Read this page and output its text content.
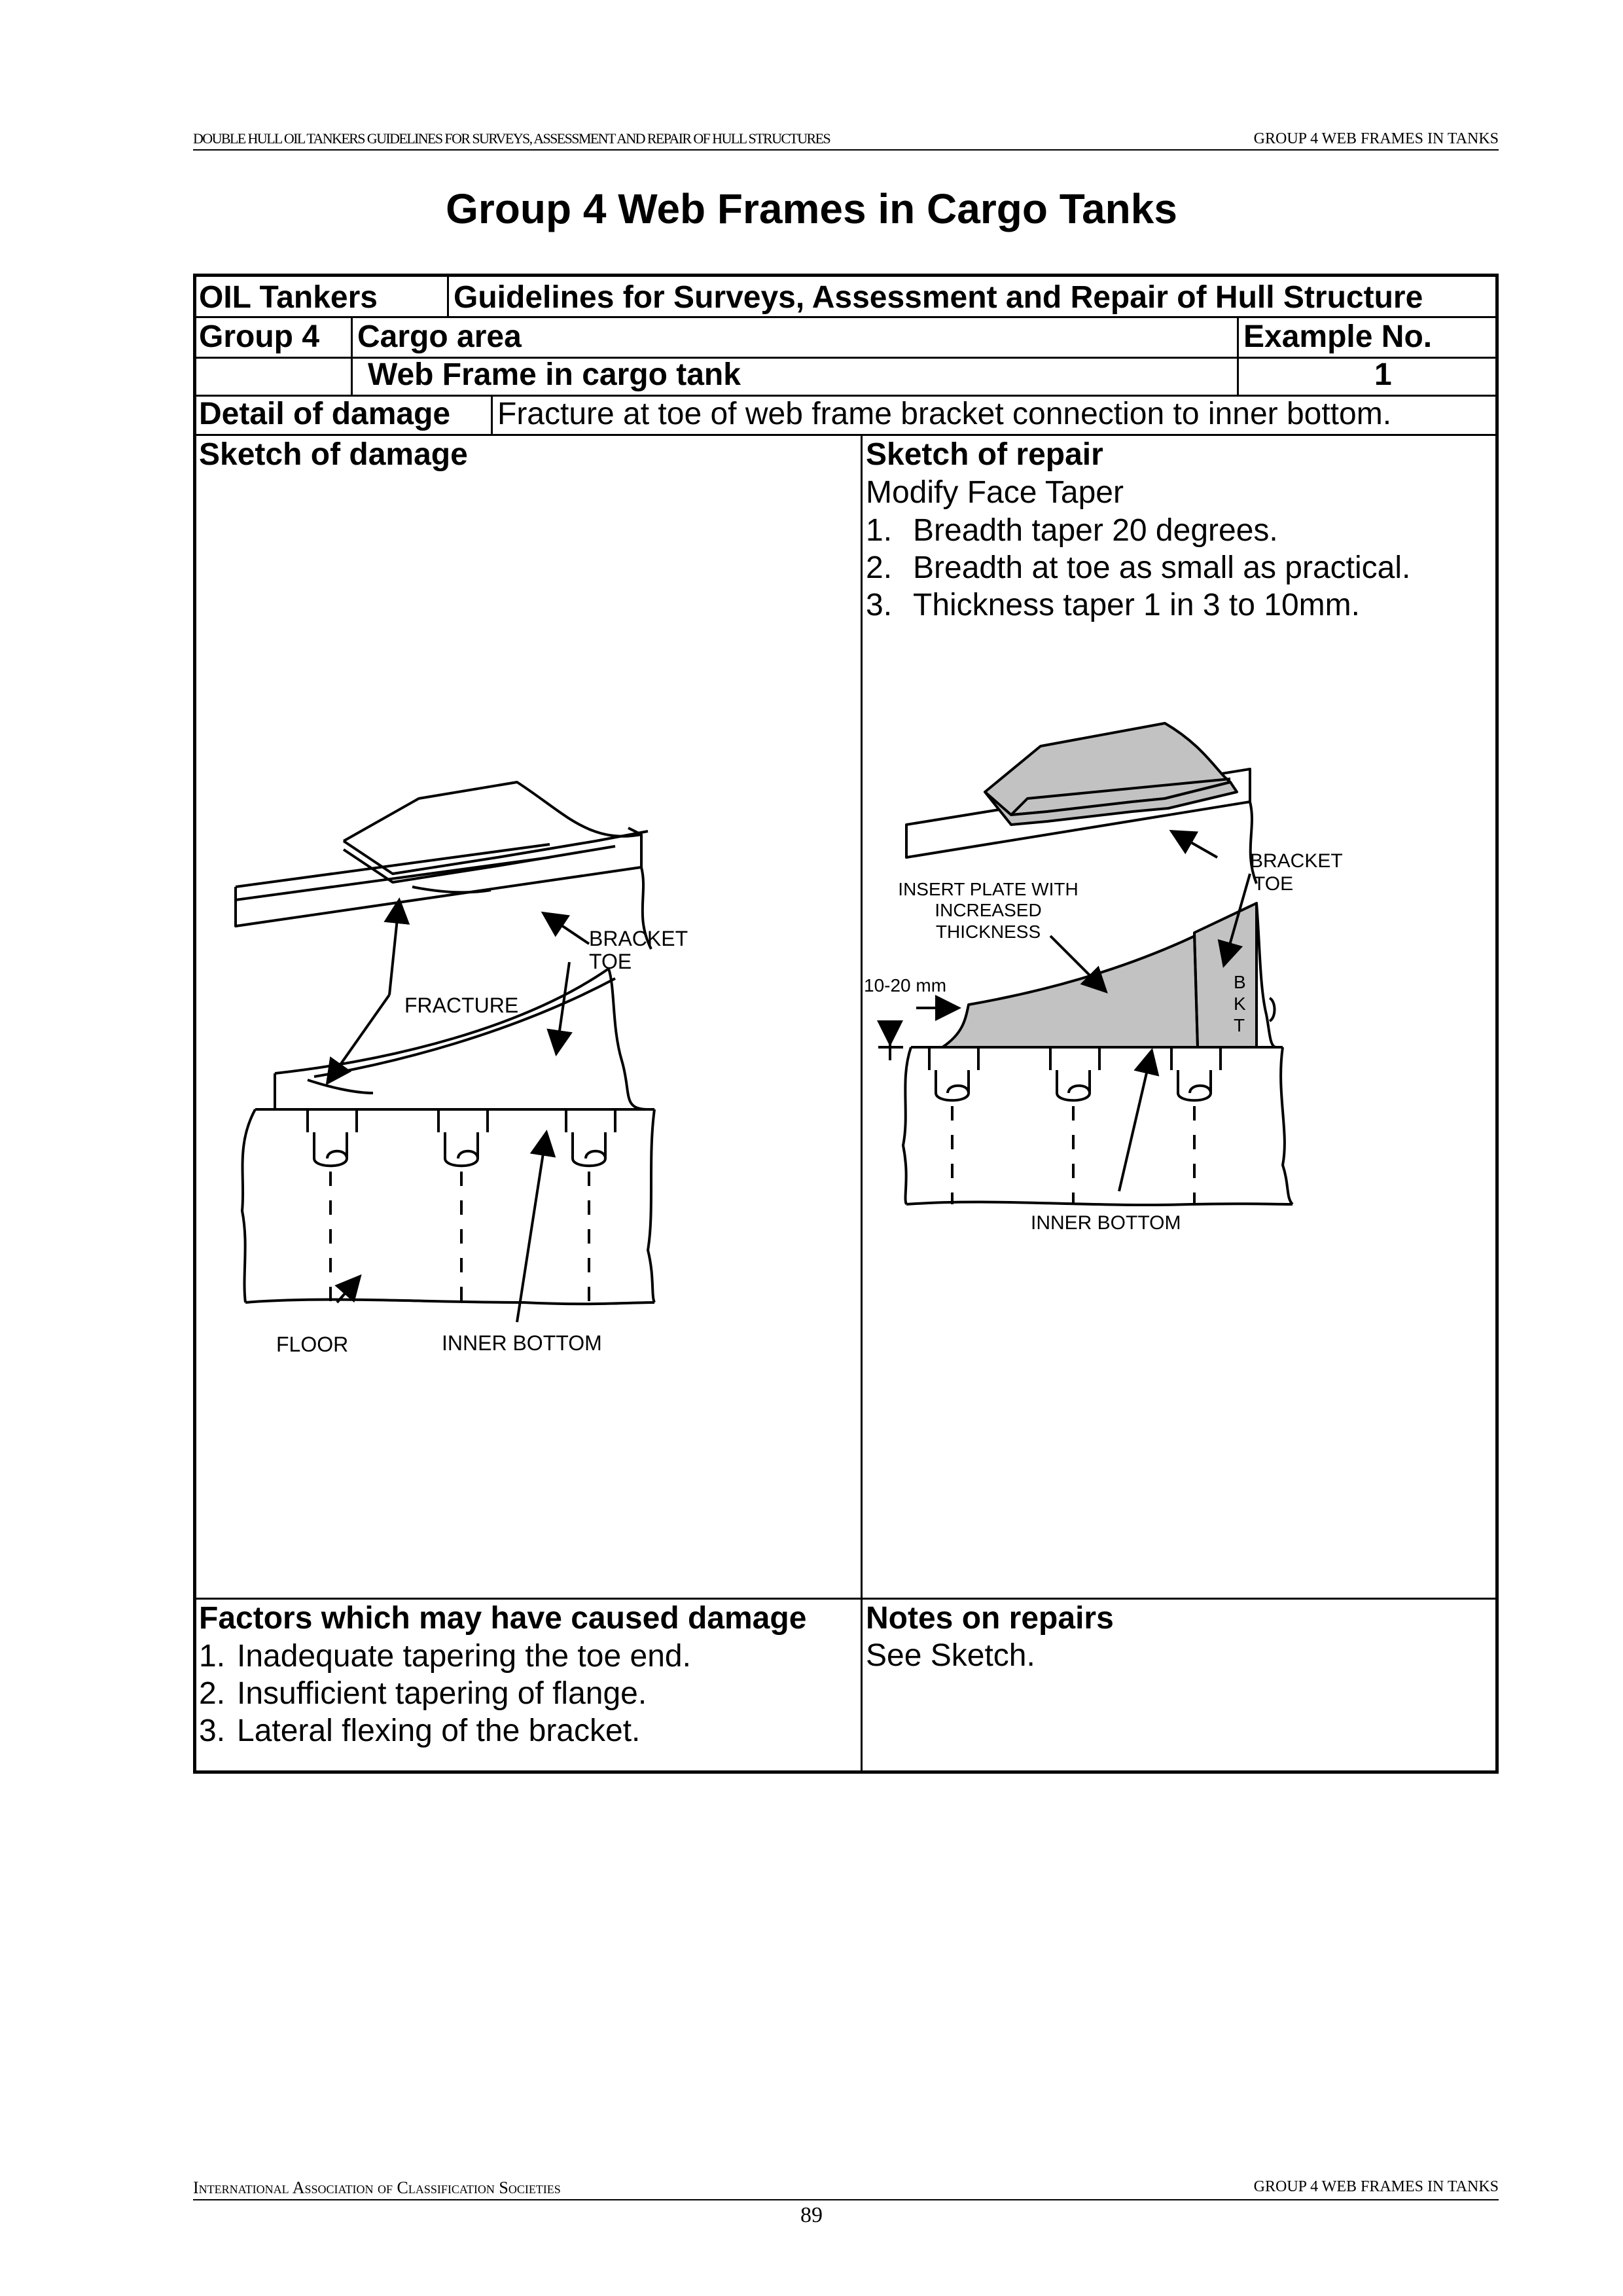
DOUBLE HULL OIL TANKERS GUIDELINES FOR SURVEYS, ASSESSMENT AND REPAIR OF HULL STRUCTURES	GROUP 4 WEB FRAMES IN TANKS
Group 4 Web Frames in Cargo Tanks
OIL Tankers Guidelines for Surveys, Assessment and Repair of Hull Structure
Group 4 Cargo area	Example No.
Web Frame in cargo tank	1
Detail of damage Fracture at toe of web frame bracket connection to inner bottom.
Sketch of damage	Sketch of repair
Modify Face Taper
1. Breadth taper 20 degrees.
2. Breadth at toe as small as practical.
3. Thickness taper 1 in 3 to 10mm.
Factors which may have caused damage
1. Inadequate tapering the toe end.
2. Insufficient tapering of flange.
3. Lateral flexing of the bracket.
Notes on repairs
See Sketch.
BRACKET
TOE
FRACTURE
FLOOR	INNER BOTTOM
BRACKET
TOE
INSERT PLATE WITH
INCREASED
THICKNESS
10-20 mm	B
K
T
INNER BOTTOM
International Association of Classification Societies	GROUP 4 WEB FRAMES IN TANKS
89
